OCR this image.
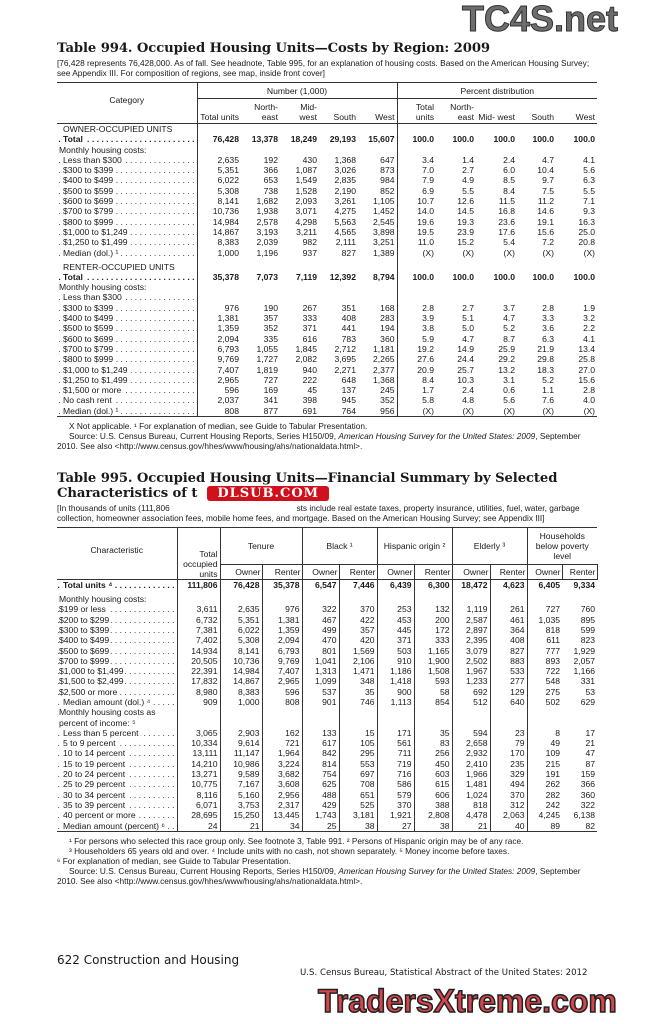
TC4S.net
Table 994. Occupied Housing Units—Costs by Region: 2009

[76,428 represents 76,428,000. As of fall. See headnote, Table 995, for an explanation of housing costs. Based on the American Housing Survey; see Appendix III. For composition of regions, see map, inside front cover]

Category	Number (1,000)					Percent distribution				
	Total units	North- east	Mid- west	South	West	Total units	North- east	Mid- west	South	West
OWNER-OCCUPIED UNITS										
Total . . .	76,428	13,378	18,249	29,193	15,607	100.0	100.0	100.0	100.0	100.0
Monthly housing costs:										
Less than $300 . . .	2,635	192	430	1,368	647	3.4	1.4	2.4	4.7	4.1
$300 to $399 . . .	5,351	366	1,087	3,026	873	7.0	2.7	6.0	10.4	5.6
$400 to $499 . . .	6,022	653	1,549	2,835	984	7.9	4.9	8.5	9.7	6.3
$500 to $599 . . .	5,308	738	1,528	2,190	852	6.9	5.5	8.4	7.5	5.5
$600 to $699 . . .	8,141	1,682	2,093	3,261	1,105	10.7	12.6	11.5	11.2	7.1
$700 to $799 . . .	10,736	1,938	3,071	4,275	1,452	14.0	14.5	16.8	14.6	9.3
$800 to $999 . . .	14,984	2,578	4,298	5,563	2,545	19.6	19.3	23.6	19.1	16.3
$1,000 to $1,249 . . .	14,867	3,193	3,211	4,565	3,898	19.5	23.9	17.6	15.6	25.0
$1,250 to $1,499 . . .	8,383	2,039	982	2,111	3,251	11.0	15.2	5.4	7.2	20.8
Median (dol.) ¹ . . .	1,000	1,196	937	827	1,389	(X)	(X)	(X)	(X)	(X)
RENTER-OCCUPIED UNITS										
Total . . .	35,378	7,073	7,119	12,392	8,794	100.0	100.0	100.0	100.0	100.0
Monthly housing costs:										
Less than $300 . . .										
$300 to $399 . . .	976	190	267	351	168	2.8	2.7	3.7	2.8	1.9
$400 to $499 . . .	1,381	357	333	408	283	3.9	5.1	4.7	3.3	3.2
$500 to $599 . . .	1,359	352	371	441	194	3.8	5.0	5.2	3.6	2.2
$600 to $699 . . .	2,094	335	616	783	360	5.9	4.7	8.7	6.3	4.1
$700 to $799 . . .	6,793	1,055	1,845	2,712	1,181	19.2	14.9	25.9	21.9	13.4
$800 to $999 . . .	9,769	1,727	2,082	3,695	2,265	27.6	24.4	29.2	29.8	25.8
$1,000 to $1,249 . . .	7,407	1,819	940	2,271	2,377	20.9	25.7	13.2	18.3	27.0
$1,250 to $1,499 . . .	2,965	727	222	648	1,368	8.4	10.3	3.1	5.2	15.6
$1,500 or more . . .	596	169	45	137	245	1.7	2.4	0.6	1.1	2.8
No cash rent . . .	2,037	341	398	945	352	5.8	4.8	5.6	7.6	4.0
Median (dol.) ¹ . . .	808	877	691	764	956	(X)	(X)	(X)	(X)	(X)

X Not applicable. ¹ For explanation of median, see Guide to Tabular Presentation.

Source: U.S. Census Bureau, Current Housing Reports, Series H150/09, American Housing Survey for the United States: 2009, September 2010. See also <http://www.census.gov/hhes/www/housing/ahs/nationaldata.html>.

Table 995. Occupied Housing Units—Financial Summary by Selected
Characteristics of t DLSUB.COM

[In thousands of units (111,806                                                       sts include real estate taxes, property insurance, utilities, fuel, water, garbage collection, homeowner association fees, mobile home fees, and mortgage. Based on the American Housing Survey; see Appendix III]

Characteristic	Total occupied units	Tenure		Black ¹		Hispanic origin ²		Elderly ³		Households below poverty level	
		Owner	Renter	Owner	Renter	Owner	Renter	Owner	Renter	Owner	Renter
Total units ⁴ . . .	111,806	76,428	35,378	6,547	7,446	6,439	6,300	18,472	4,623	6,405	9,334
Monthly housing costs:											
$199 or less . . .	3,611	2,635	976	322	370	253	132	1,119	261	727	760
$200 to $299 . . .	6,732	5,351	1,381	467	422	453	200	2,587	461	1,035	895
$300 to $399 . . .	7,381	6,022	1,359	499	357	445	172	2,897	364	818	599
$400 to $499 . . .	7,402	5,308	2,094	470	420	371	333	2,395	408	611	823
$500 to $699 . . .	14,934	8,141	6,793	801	1,569	503	1,165	3,079	827	777	1,929
$700 to $999 . . .	20,505	10,736	9,769	1,041	2,106	910	1,900	2,502	883	893	2,057
$1,000 to $1,499 . . .	22,391	14,984	7,407	1,313	1,471	1,186	1,508	1,967	533	722	1,166
$1,500 to $2,499 . . .	17,832	14,867	2,965	1,099	348	1,418	593	1,233	277	548	331
$2,500 or more . . .	8,980	8,383	596	537	35	900	58	692	129	275	53
Median amount (dol.) ⁴ . . .	909	1,000	808	901	746	1,113	854	512	640	502	629
Monthly housing costs as											
percent of income: ⁵											
Less than 5 percent . . .	3,065	2,903	162	133	15	171	35	594	23	8	17
5 to 9 percent . . .	10,334	9,614	721	617	105	561	83	2,658	79	49	21
10 to 14 percent . . .	13,111	11,147	1,964	842	295	711	256	2,932	170	109	47
15 to 19 percent . . .	14,210	10,986	3,224	814	553	719	450	2,410	235	215	87
20 to 24 percent . . .	13,271	9,589	3,682	754	697	716	603	1,966	329	191	159
25 to 29 percent . . .	10,775	7,167	3,608	625	708	586	615	1,481	494	262	366
30 to 34 percent . . .	8,116	5,160	2,956	488	651	579	606	1,024	370	282	360
35 to 39 percent . . .	6,071	3,753	2,317	429	525	370	388	818	312	242	322
40 percent or more . . .	28,695	15,250	13,445	1,743	3,181	1,921	2,808	4,478	2,063	4,245	6,138
Median amount (percent) ⁶ . . .	24	21	34	25	38	27	38	21	40	89	82

¹ For persons who selected this race group only. See footnote 3, Table 991. ² Persons of Hispanic origin may be of any race.

³ Householders 65 years old and over. ⁴ Include units with no cash, not shown separately. ⁵ Money income before taxes.

⁶ For explanation of median, see Guide to Tabular Presentation.

Source: U.S. Census Bureau, Current Housing Reports, Series H150/09, American Housing Survey for the United States: 2009, September 2010. See also <http://www.census.gov/hhes/www/housing/ahs/nationaldata.html>.

622 Construction and Housing
U.S. Census Bureau, Statistical Abstract of the United States: 2012
TradersXtreme.com
